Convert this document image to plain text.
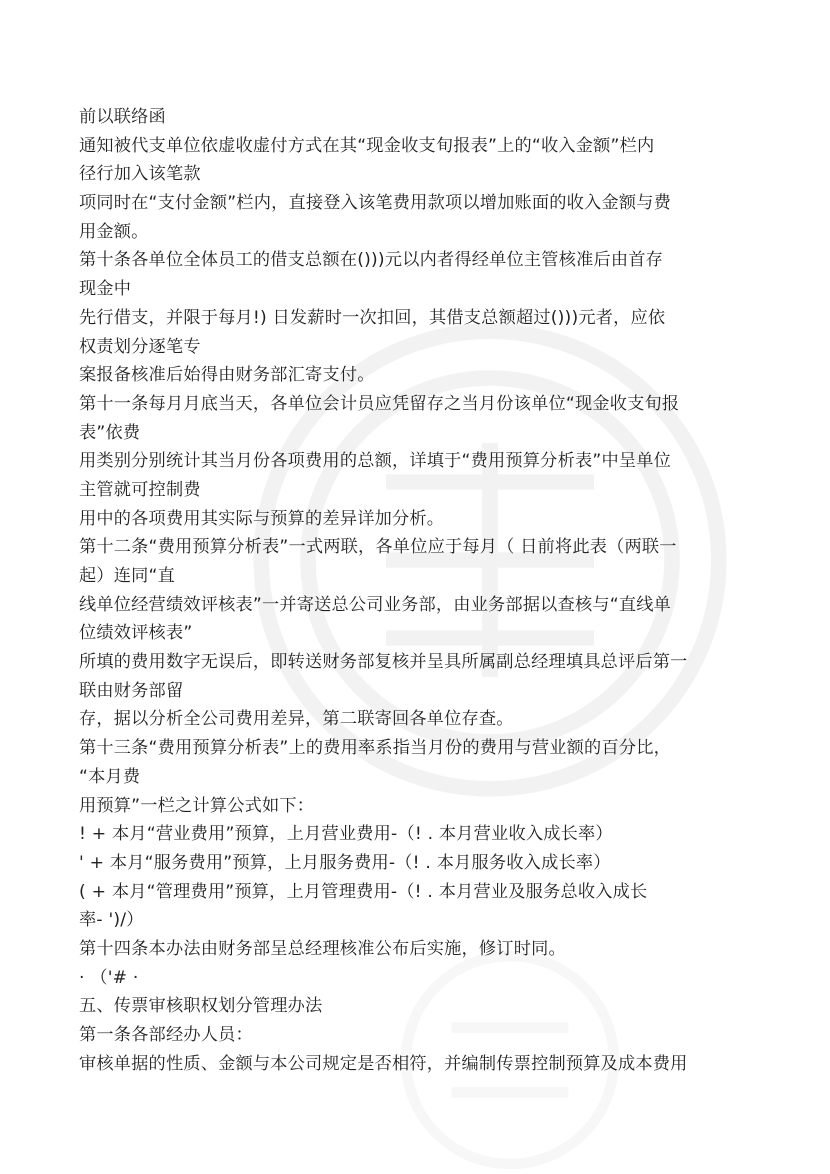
前以联络函
通知被代支单位依虚收虚付方式在其“现金收支旬报表”上的“收入金额”栏内
径行加入该笔款
项同时在“支付金额”栏内，直接登入该笔费用款项以增加账面的收入金额与费
用金额。
第十条各单位全体员工的借支总额在()))元以内者得经单位主管核准后由首存
现金中
先行借支，并限于每月!) 日发薪时一次扣回，其借支总额超过()))元者，应依
权责划分逐笔专
案报备核准后始得由财务部汇寄支付。
第十一条每月月底当天，各单位会计员应凭留存之当月份该单位“现金收支旬报
表”依费
用类别分别统计其当月份各项费用的总额，详填于“费用预算分析表”中呈单位
主管就可控制费
用中的各项费用其实际与预算的差异详加分析。
第十二条“费用预算分析表”一式两联，各单位应于每月（ 日前将此表（两联一
起）连同“直
线单位经营绩效评核表”一并寄送总公司业务部，由业务部据以查核与“直线单
位绩效评核表”
所填的费用数字无误后，即转送财务部复核并呈具所属副总经理填具总评后第一
联由财务部留
存，据以分析全公司费用差异，第二联寄回各单位存查。
第十三条“费用预算分析表”上的费用率系指当月份的费用与营业额的百分比，
“本月费
用预算”一栏之计算公式如下：
! + 本月“营业费用”预算，上月营业费用-（! . 本月营业收入成长率）
' + 本月“服务费用”预算，上月服务费用-（! . 本月服务收入成长率）
( + 本月“管理费用”预算，上月管理费用-（! . 本月营业及服务总收入成长
率- ')/）
第十四条本办法由财务部呈总经理核准公布后实施，修订时同。
· （'# ·
五、传票审核职权划分管理办法
第一条各部经办人员：
审核单据的性质、金额与本公司规定是否相符，并编制传票控制预算及成本费用
